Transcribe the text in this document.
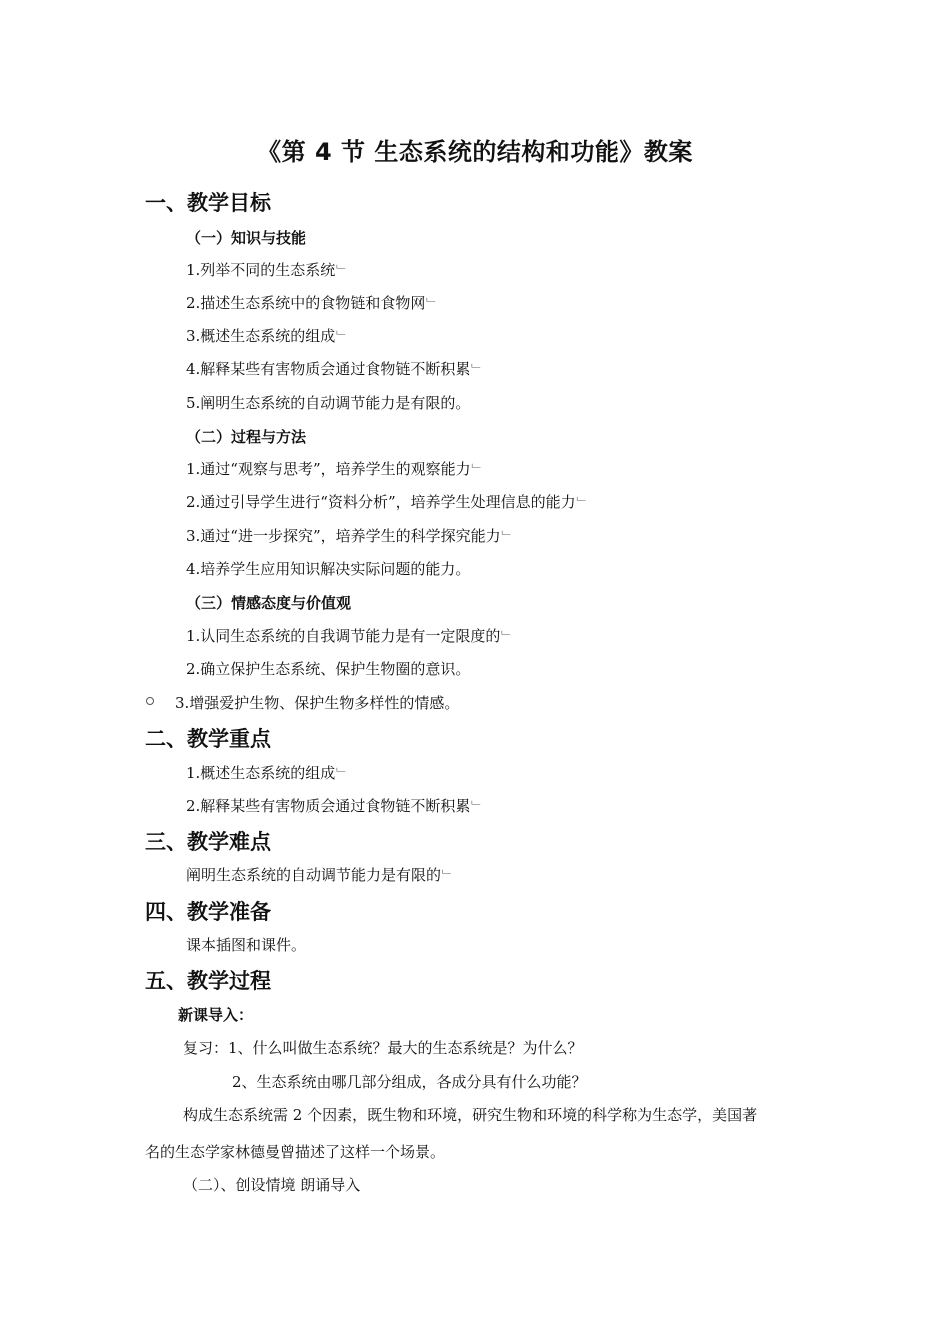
《第 4 节 生态系统的结构和功能》教案
一、教学目标
（一）知识与技能
1.列举不同的生态系统﹂
2.描述生态系统中的食物链和食物网﹂
3.概述生态系统的组成﹂
4.解释某些有害物质会通过食物链不断积累﹂
5.阐明生态系统的自动调节能力是有限的。
（二）过程与方法
1.通过“观察与思考”，培养学生的观察能力﹂
2.通过引导学生进行“资料分析”，培养学生处理信息的能力﹂
3.通过“进一步探究”，培养学生的科学探究能力﹂
4.培养学生应用知识解决实际问题的能力。
（三）情感态度与价值观
1.认同生态系统的自我调节能力是有一定限度的﹂
2.确立保护生态系统、保护生物圈的意识。
3.增强爱护生物、保护生物多样性的情感。
二、教学重点
1.概述生态系统的组成﹂
2.解释某些有害物质会通过食物链不断积累﹂
三、教学难点
阐明生态系统的自动调节能力是有限的﹂
四、教学准备
课本插图和课件。
五、教学过程
新课导入：
复习：1、什么叫做生态系统？最大的生态系统是？为什么？
2、生态系统由哪几部分组成，各成分具有什么功能？
构成生态系统需 2 个因素，既生物和环境，研究生物和环境的科学称为生态学，美国著
名的生态学家林德曼曾描述了这样一个场景。
（二）、创设情境 朗诵导入
